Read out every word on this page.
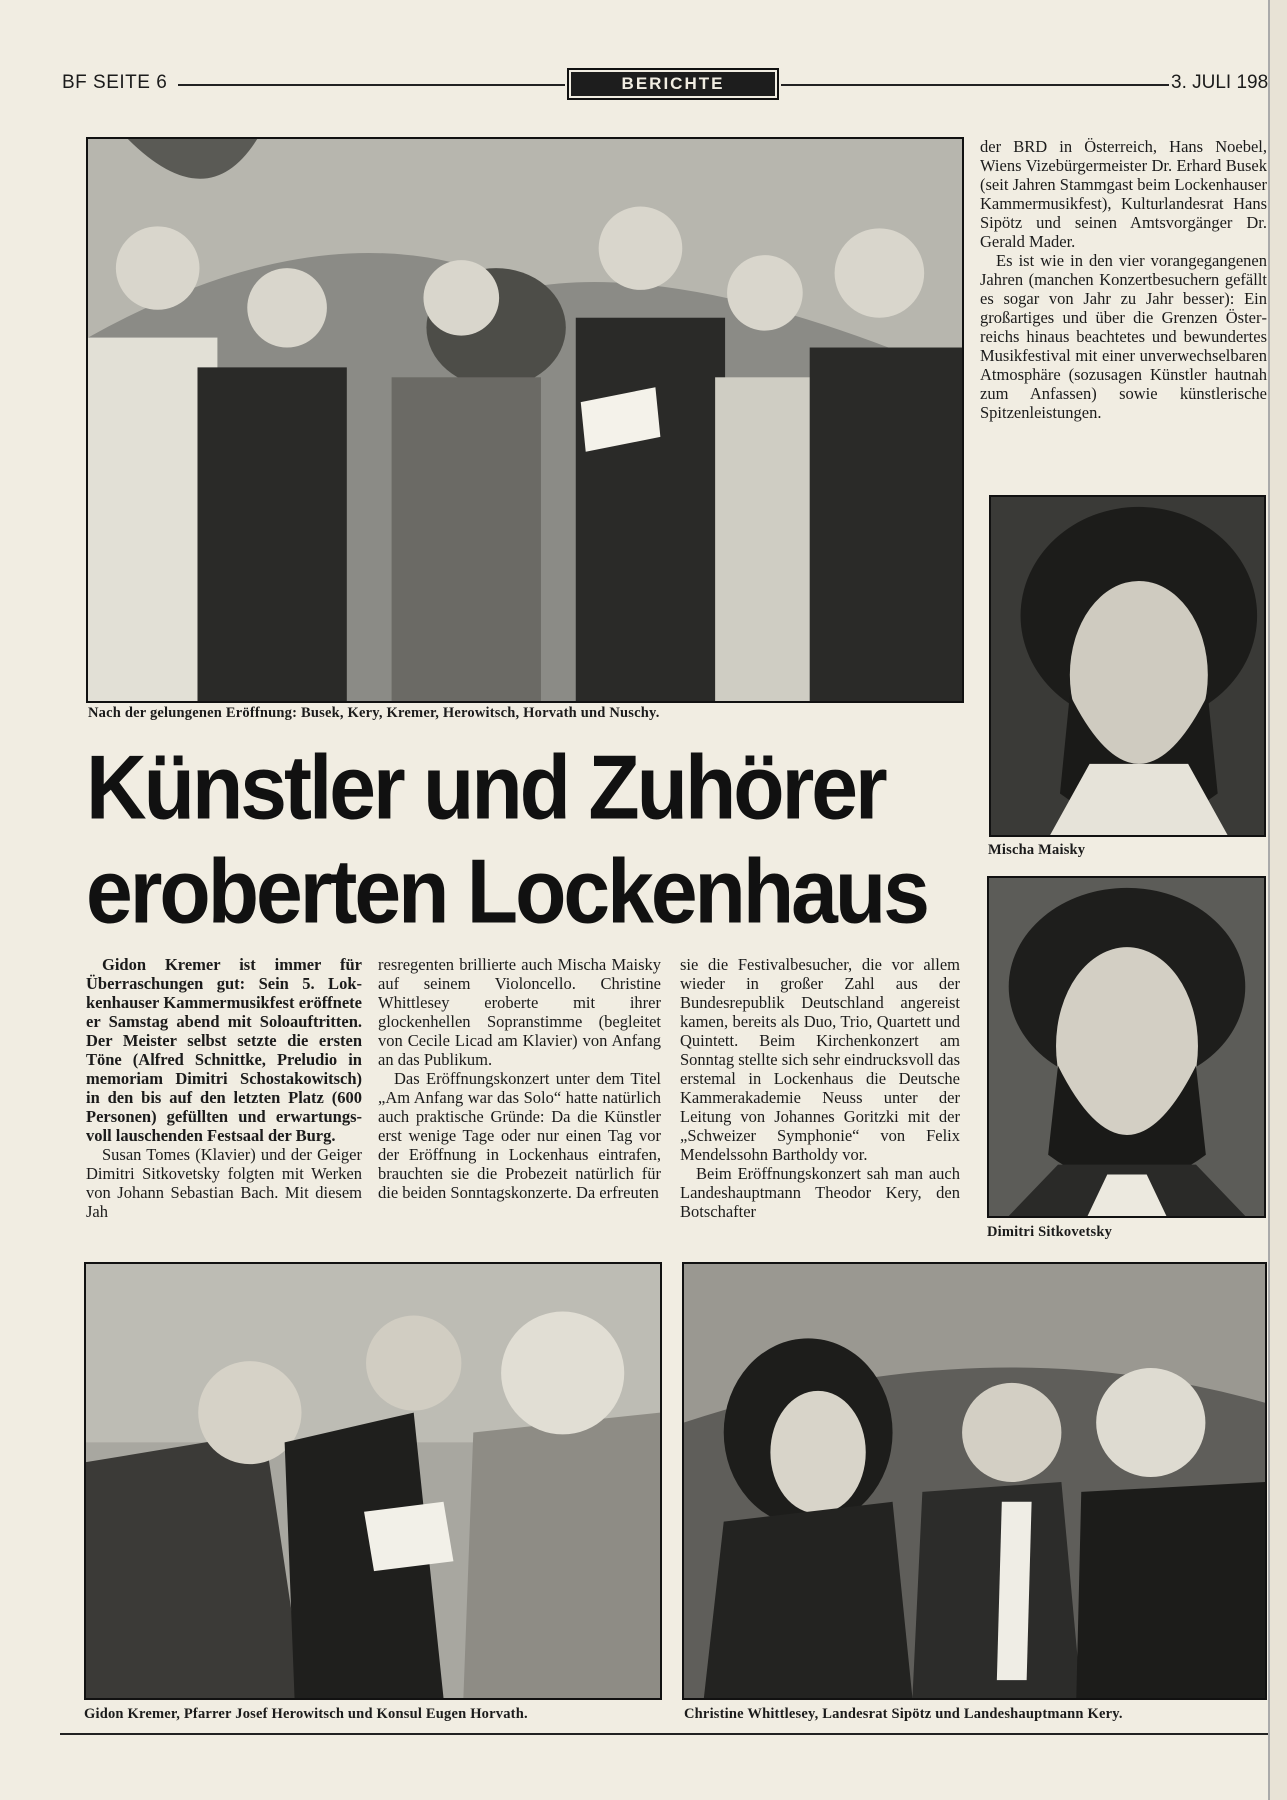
BF SEITE 6	BERICHTE	3. JULI 198
Nach der gelungenen Eröffnung: Busek, Kery, Kremer, Herowitsch, Horvath und Nuschy.
Künstler und Zuhörer
eroberten Lockenhaus

Gidon Kremer ist immer für Überraschungen gut: Sein 5. Lokkenhauser Kammermusikfest eröffnete er Samstag abend mit Soloauftritten. Der Meister selbst setzte die ersten Töne (Alfred Schnittke, Preludio in memoriam Dimitri Schostakowitsch) in den bis auf den letzten Platz (600 Personen) gefüllten und erwartungsvoll lauschenden Festsaal der Burg.

Susan Tomes (Klavier) und der Geiger Dimitri Sitkovetsky folgten mit Werken von Johann Sebastian Bach. Mit diesem Jah

resregenten brillierte auch Mischa Maisky auf seinem Violoncello. Christine Whittlesey eroberte mit ihrer glockenhellen Sopranstimme (begleitet von Cecile Licad am Klavier) von Anfang an das Publikum.

Das Eröffnungskonzert unter dem Titel „Am Anfang war das Solo“ hatte natürlich auch praktische Gründe: Da die Künstler erst wenige Tage oder nur einen Tag vor der Eröffnung in Lockenhaus eintrafen, brauchten sie die Probezeit natürlich für die beiden Sonntagskonzerte. Da erfreuten

sie die Festivalbesucher, die vor allem wieder in großer Zahl aus der Bundesrepublik Deutschland angereist kamen, bereits als Duo, Trio, Quartett und Quintett. Beim Kirchenkonzert am Sonntag stellte sich sehr eindrucksvoll das erstemal in Lockenhaus die Deutsche Kammerakademie Neuss unter der Leitung von Johannes Goritzki mit der „Schweizer Symphonie“ von Felix Mendelssohn Bartholdy vor.

Beim Eröffnungskonzert sah man auch Landeshauptmann Theodor Kery, den Botschafter

der BRD in Österreich, Hans Noebel, Wiens Vizebürgermeister Dr. Erhard Busek (seit Jahren Stammgast beim Lockenhauser Kammermusikfest), Kulturlandesrat Hans Sipötz und seinen Amtsvorgänger Dr. Gerald Mader.

Es ist wie in den vier vorangegangenen Jahren (manchen Konzertbesuchern gefällt es sogar von Jahr zu Jahr besser): Ein großartiges und über die Grenzen Österreichs hinaus beachtetes und bewundertes Musikfestival mit einer unverwechselbaren Atmosphäre (sozusagen Künstler hautnah zum Anfassen) sowie künstlerische Spitzenleistungen.

Mischa Maisky
Dimitri Sitkovetsky
Gidon Kremer, Pfarrer Josef Herowitsch und Konsul Eugen Horvath.	Christine Whittlesey, Landesrat Sipötz und Landeshauptmann Kery.
